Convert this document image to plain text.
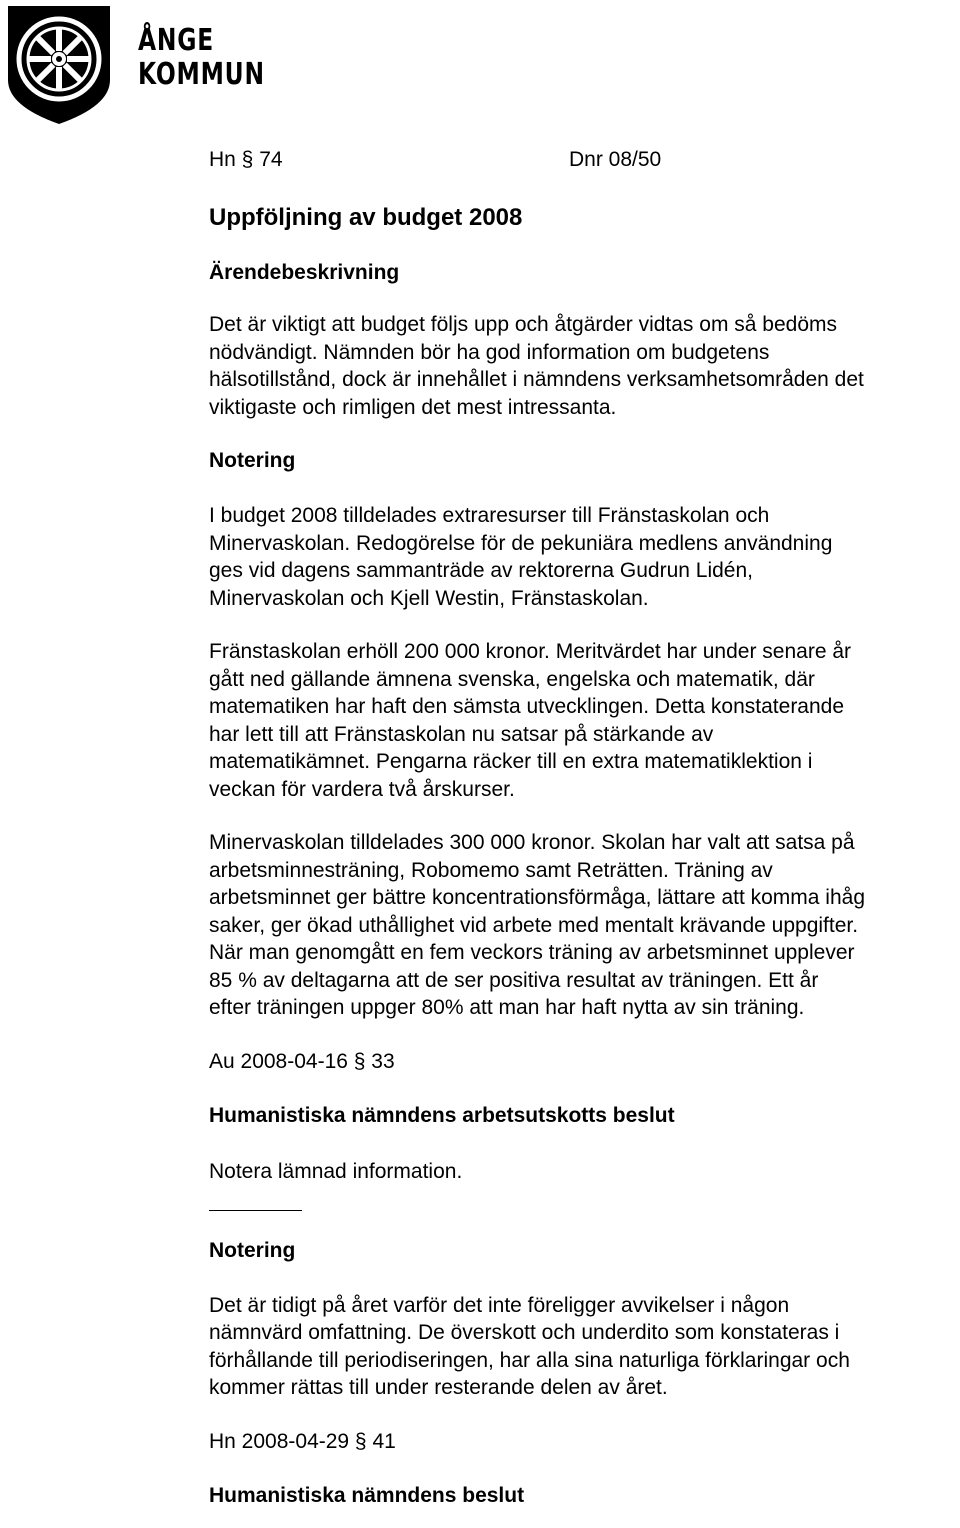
ÅNGE
KOMMUN
Hn § 74	Dnr 08/50
Uppföljning av budget 2008
Ärendebeskrivning

Det är viktigt att budget följs upp och åtgärder vidtas om så bedöms
nödvändigt. Nämnden bör ha god information om budgetens
hälsotillstånd, dock är innehållet i nämndens verksamhetsområden det
viktigaste och rimligen det mest intressanta.

Notering

I budget 2008 tilldelades extraresurser till Fränstaskolan och
Minervaskolan. Redogörelse för de pekuniära medlens användning
ges vid dagens sammanträde av rektorerna Gudrun Lidén,
Minervaskolan och Kjell Westin, Fränstaskolan.

Fränstaskolan erhöll 200 000 kronor. Meritvärdet har under senare år
gått ned gällande ämnena svenska, engelska och matematik, där
matematiken har haft den sämsta utvecklingen. Detta konstaterande
har lett till att Fränstaskolan nu satsar på stärkande av
matematikämnet. Pengarna räcker till en extra matematiklektion i
veckan för vardera två årskurser.

Minervaskolan tilldelades 300 000 kronor. Skolan har valt att satsa på
arbetsminnesträning, Robomemo samt Reträtten. Träning av
arbetsminnet ger bättre koncentrationsförmåga, lättare att komma ihåg
saker, ger ökad uthållighet vid arbete med mentalt krävande uppgifter.
När man genomgått en fem veckors träning av arbetsminnet upplever
85 % av deltagarna att de ser positiva resultat av träningen. Ett år
efter träningen uppger 80% att man har haft nytta av sin träning.

Au 2008-04-16 § 33

Humanistiska nämndens arbetsutskotts beslut

Notera lämnad information.

Notering

Det är tidigt på året varför det inte föreligger avvikelser i någon
nämnvärd omfattning. De överskott och underdito som konstateras i
förhållande till periodiseringen, har alla sina naturliga förklaringar och
kommer rättas till under resterande delen av året.

Hn 2008-04-29 § 41

Humanistiska nämndens beslut
